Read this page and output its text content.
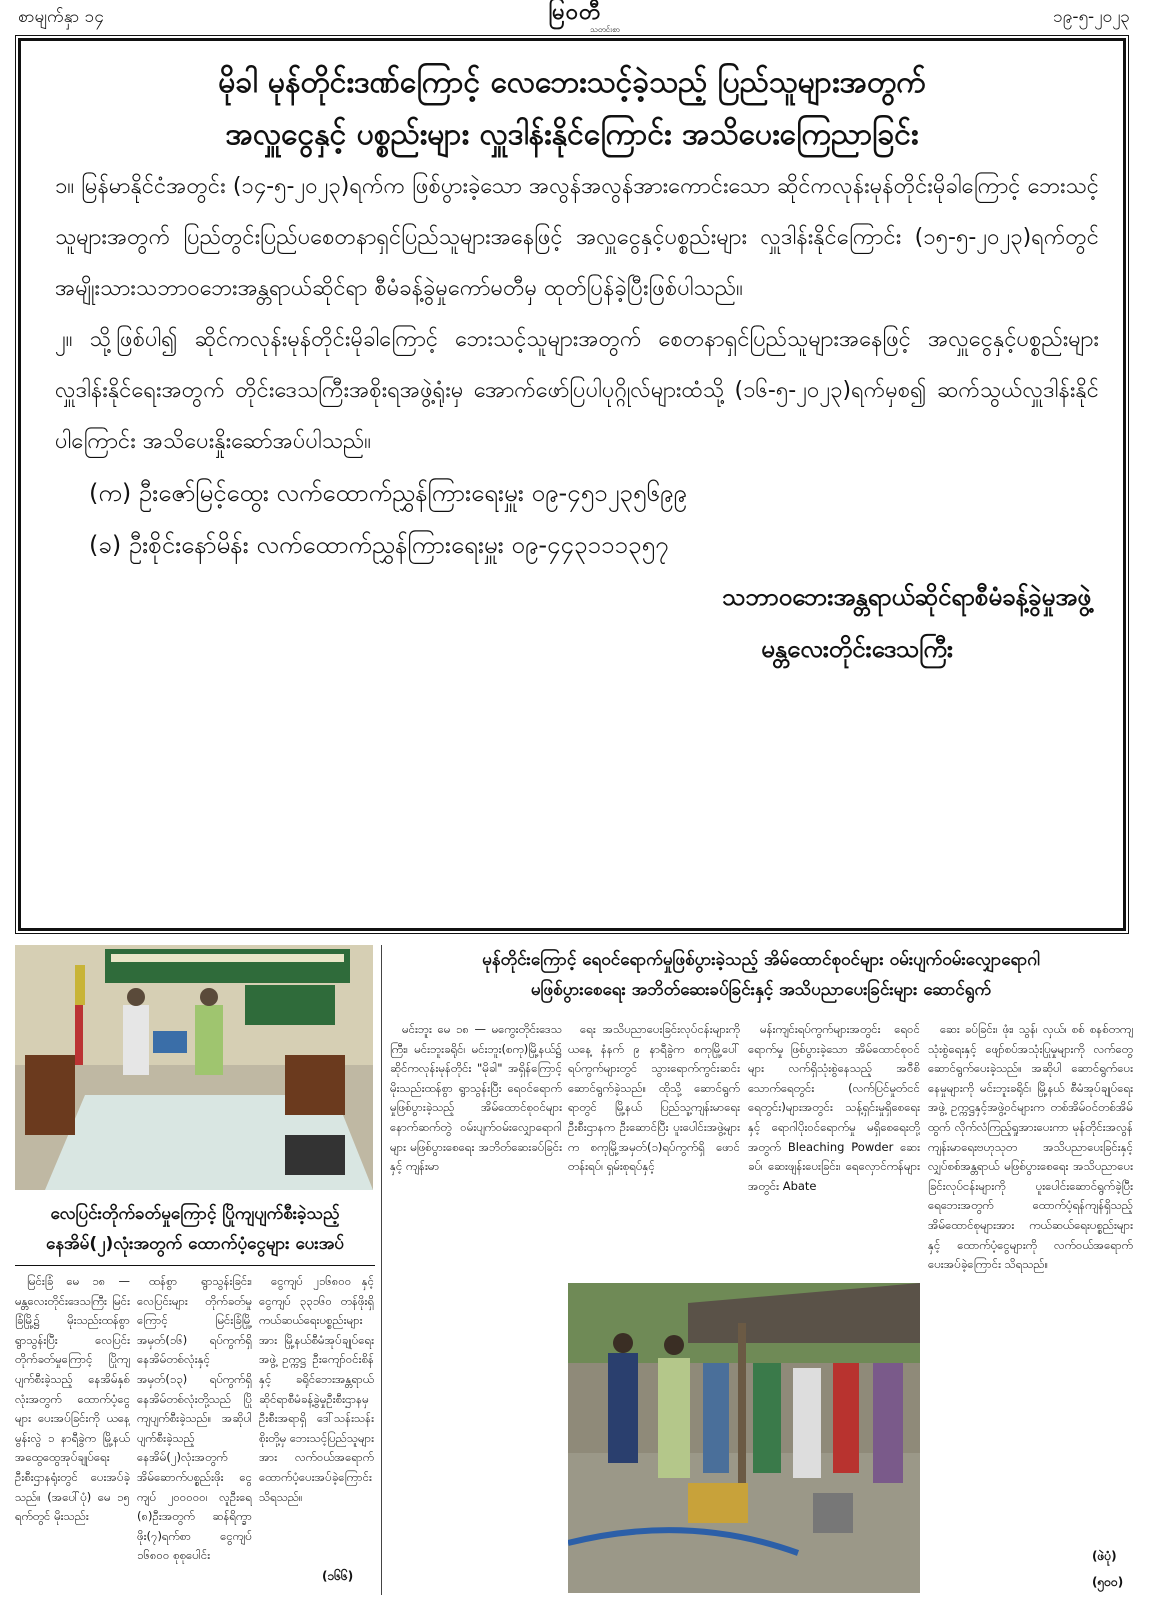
စာမျက်နှာ ၁၄	မြဝတီ
သတင်းစာ
၁၉-၅-၂၀၂၃
မိုခါ မုန်တိုင်းဒဏ်ကြောင့် လေဘေးသင့်ခဲ့သည့် ပြည်သူများအတွက်
အလှူငွေနှင့် ပစ္စည်းများ လှူဒါန်းနိုင်ကြောင်း အသိပေးကြေညာခြင်း

၁။ မြန်မာနိုင်ငံအတွင်း (၁၄-၅-၂၀၂၃)ရက်က ဖြစ်ပွားခဲ့သော အလွန်အလွန်အားကောင်းသော ဆိုင်ကလုန်းမုန်တိုင်းမိုခါကြောင့် ဘေးသင့်သူများအတွက် ပြည်တွင်းပြည်ပစေတနာရှင်ပြည်သူများအနေဖြင့် အလှူငွေနှင့်ပစ္စည်းများ လှူဒါန်းနိုင်ကြောင်း (၁၅-၅-၂၀၂၃)ရက်တွင် အမျိုးသားသဘာဝဘေးအန္တရာယ်ဆိုင်ရာ စီမံခန့်ခွဲမှုကော်မတီမှ ထုတ်ပြန်ခဲ့ပြီးဖြစ်ပါသည်။

၂။ သို့ဖြစ်ပါ၍ ဆိုင်ကလုန်းမုန်တိုင်းမိုခါကြောင့် ဘေးသင့်သူများအတွက် စေတနာရှင်ပြည်သူများအနေဖြင့် အလှူငွေနှင့်ပစ္စည်းများ လှူဒါန်းနိုင်ရေးအတွက် တိုင်းဒေသကြီးအစိုးရအဖွဲ့ရုံးမှ အောက်ဖော်ပြပါပုဂ္ဂိုလ်များထံသို့ (၁၆-၅-၂၀၂၃)ရက်မှစ၍ ဆက်သွယ်လှူဒါန်းနိုင်ပါကြောင်း အသိပေးနှိုးဆော်အပ်ပါသည်။

(က) ဦးဇော်မြင့်ထွေး လက်ထောက်ညွှန်ကြားရေးမှူး ၀၉-၄၅၁၂၃၅၆၉၉
(ခ) ဦးစိုင်းနော်မိန်း လက်ထောက်ညွှန်ကြားရေးမှူး ၀၉-၄၄၃၁၁၁၃၅၇
သဘာဝဘေးအန္တရာယ်ဆိုင်ရာစီမံခန့်ခွဲမှုအဖွဲ့
မန္တလေးတိုင်းဒေသကြီး
လေပြင်းတိုက်ခတ်မှုကြောင့် ပြိုကျပျက်စီးခဲ့သည့်
နေအိမ်(၂)လုံးအတွက် ထောက်ပံ့ငွေများ ပေးအပ်

မြင်းခြံ မေ ၁၈ — မန္တလေးတိုင်းဒေသကြီး မြင်းခြံမြို့၌ မိုးသည်းထန်စွာ ရွာသွန်းပြီး လေပြင်းတိုက်ခတ်မှုကြောင့် ပြိုကျပျက်စီးခဲ့သည့် နေအိမ်နှစ်လုံးအတွက် ထောက်ပံ့ငွေများ ပေးအပ်ခြင်းကို ယနေ့ မွန်းလွဲ ၁ နာရီခွဲက မြို့နယ်အထွေထွေအုပ်ချုပ်ရေးဦးစီးဌာနရုံးတွင် ပေးအပ်ခဲ့သည်။ (အပေါ်ပုံ) မေ ၁၅ ရက်တွင် မိုးသည်း

ထန်စွာ ရွာသွန်းခြင်း၊ လေပြင်းများ တိုက်ခတ်မှုကြောင့် မြင်းခြံမြို့ အမှတ်(၁၆) ရပ်ကွက်ရှိ နေအိမ်တစ်လုံးနှင့် အမှတ်(၁၃) ရပ်ကွက်ရှိ နေအိမ်တစ်လုံးတို့သည် ပြိုကျပျက်စီးခဲ့သည်။ အဆိုပါ ပျက်စီးခဲ့သည့် နေအိမ်(၂)လုံးအတွက် အိမ်ဆောက်ပစ္စည်းဖိုး ငွေကျပ် ၂၀၀၀၀၀၊ လူဦးရေ (၈)ဦးအတွက် ဆန်ရိက္ခာဖိုး(၇)ရက်စာ ငွေကျပ် ၁၆၈၀၀ စုစုပေါင်း

ငွေကျပ် ၂၁၆၈၀၀ နှင့် ငွေကျပ် ၃၃၁၆၀ တန်ဖိုးရှိ ကယ်ဆယ်ရေးပစ္စည်းများအား မြို့နယ်စီမံအုပ်ချုပ်ရေးအဖွဲ့ ဥက္ကဋ္ဌ ဦးကျော်ဝင်းစိန်နှင့် ခရိုင်ဘေးအန္တရာယ်ဆိုင်ရာစီမံခန့်ခွဲမှုဦးစီးဌာနမှ ဦးစီးအရာရှိ ဒေါ်သန်းသန်းစိုးတို့မှ ဘေးသင့်ပြည်သူများအား လက်ဝယ်အရောက် ထောက်ပံ့ပေးအပ်ခဲ့ကြောင်း သိရသည်။

(၁၆၆)
မုန်တိုင်းကြောင့် ရေဝင်ရောက်မှုဖြစ်ပွားခဲ့သည့် အိမ်ထောင်စုဝင်များ ဝမ်းပျက်ဝမ်းလျှောရောဂါ
မဖြစ်ပွားစေရေး အဘိတ်ဆေးခပ်ခြင်းနှင့် အသိပညာပေးခြင်းများ ဆောင်ရွက်

မင်းဘူး မေ ၁၈ — မကွေးတိုင်းဒေသကြီး၊ မင်းဘူးခရိုင်၊ မင်းဘူး(စကု)မြို့နယ်၌ ဆိုင်ကလုန်းမုန်တိုင်း "မိုခါ" အရှိန်ကြောင့် မိုးသည်းထန်စွာ ရွာသွန်းပြီး ရေဝင်ရောက်မှုဖြစ်ပွားခဲ့သည့် အိမ်ထောင်စုဝင်များ နောက်ဆက်တွဲ ဝမ်းပျက်ဝမ်းလျှောရောဂါများ မဖြစ်ပွားစေရေး အဘိတ်ဆေးခပ်ခြင်းနှင့် ကျန်းမာ

ရေး အသိပညာပေးခြင်းလုပ်ငန်းများကို ယနေ့ နံနက် ၉ နာရီခွဲက စကုမြို့ပေါ်ရပ်ကွက်များတွင် သွားရောက်ကွင်းဆင်းဆောင်ရွက်ခဲ့သည်။ ထိုသို့ ဆောင်ရွက်ရာတွင် မြို့နယ် ပြည်သူ့ကျန်းမာရေးဦးစီးဌာနက ဦးဆောင်ပြီး ပူးပေါင်းအဖွဲ့များက စကုမြို့အမှတ်(၁)ရပ်ကွက်ရှိ ဖောင်တန်းရပ်၊ ရှမ်းစုရပ်နှင့်

မန်းကျင်းရပ်ကွက်များအတွင်း ရေဝင်ရောက်မှု ဖြစ်ပွားခဲ့သော အိမ်ထောင်စုဝင်များ လက်ရှိသုံးစွဲနေသည့် အဝီစိသောက်ရေတွင်း (လက်ပြင်မှုတ်ငင်ရေတွင်း)များအတွင်း သန့်ရှင်းမှုရှိစေရေးနှင့် ရောဂါပိုးဝင်ရောက်မှု မရှိစေရေးတို့အတွက် Bleaching Powder ဆေးခပ်၊ ဆေးဖျန်းပေးခြင်း၊ ရေလှောင်ကန်များအတွင်း Abate

ဆေး ခပ်ခြင်း၊ ဖုံး၊ သွန်၊ လှယ်၊ စစ် စနစ်တကျ သုံးစွဲရေးနှင့် ဖျော်စပ်အသုံးပြုမှုများကို လက်တွေ့ဆောင်ရွက်ပေးခဲ့သည်။ အဆိုပါ ဆောင်ရွက်ပေးနေမှုများကို မင်းဘူးခရိုင်၊ မြို့နယ် စီမံအုပ်ချုပ်ရေးအဖွဲ့ ဥက္ကဋ္ဌနှင့်အဖွဲ့ဝင်များက တစ်အိမ်ဝင်တစ်အိမ်ထွက် လိုက်လံကြည့်ရှုအားပေးကာ မုန်တိုင်းအလွန် ကျန်းမာရေးဗဟုသုတ အသိပညာပေးခြင်းနှင့် လျှပ်စစ်အန္တရာယ် မဖြစ်ပွားစေရေး အသိပညာပေးခြင်းလုပ်ငန်းများကို ပူးပေါင်းဆောင်ရွက်ခဲ့ပြီး ရေဘေးအတွက် ထောက်ပံ့ရန်ကျန်ရှိသည့် အိမ်ထောင်စုများအား ကယ်ဆယ်ရေးပစ္စည်းများနှင့် ထောက်ပံ့ငွေများကို လက်ဝယ်အရောက် ပေးအပ်ခဲ့ကြောင်း သိရသည်။

(ဖဲပုံ)
(၅၀၀)
